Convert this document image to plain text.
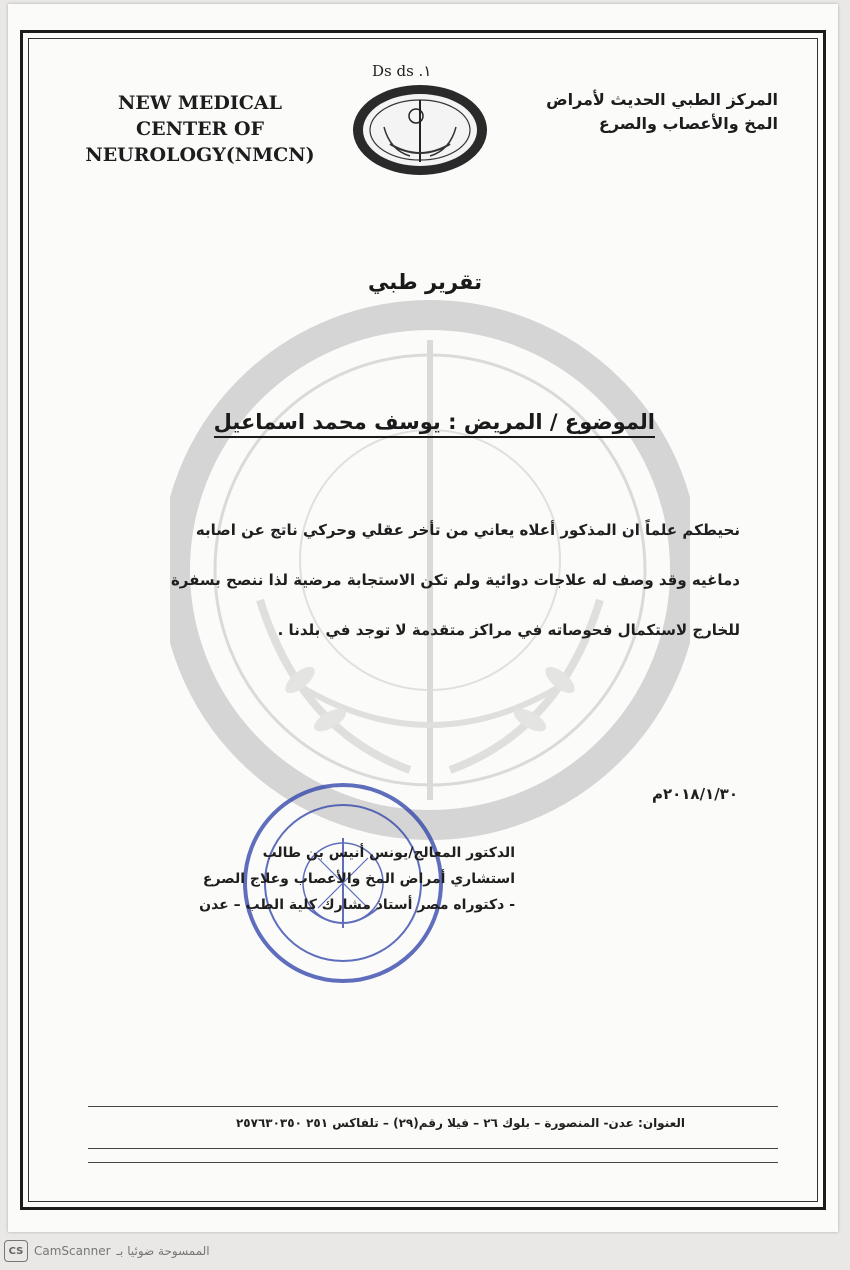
NEW MEDICAL
CENTER OF
NEUROLOGY(NMCN)
Ds ds .١
المركز الطبي الحديث لأمراض
المخ والأعصاب والصرع
تقرير طبي
الموضوع / المريض : يوسف محمد اسماعيل
نحيطكم علماً ان المذكور أعلاه يعاني من تأخر عقلي وحركي ناتج عن اصابه
دماغيه وقد وصف له علاجات دوائية ولم تكن الاستجابة مرضية لذا ننصح بسفرة
للخارج لاستكمال فحوصاته في مراكز متقدمة لا توجد في بلدنا .
٢٠١٨/١/٣٠م
الدكتور المعالج/يونس أنيس بن طالب
استشاري أمراض المخ والأعصاب وعلاج الصرع
- دكتوراه مصر أستاذ مشارك كلية الطب – عدن
العنوان: عدن- المنصورة – بلوك ٢٦ – فيلا رقم(٢٩) – تلفاكس ٢٥١ ٢٥٧٦٣٠٣٥٠
CS CamScanner الممسوحة ضوئيا بـ
